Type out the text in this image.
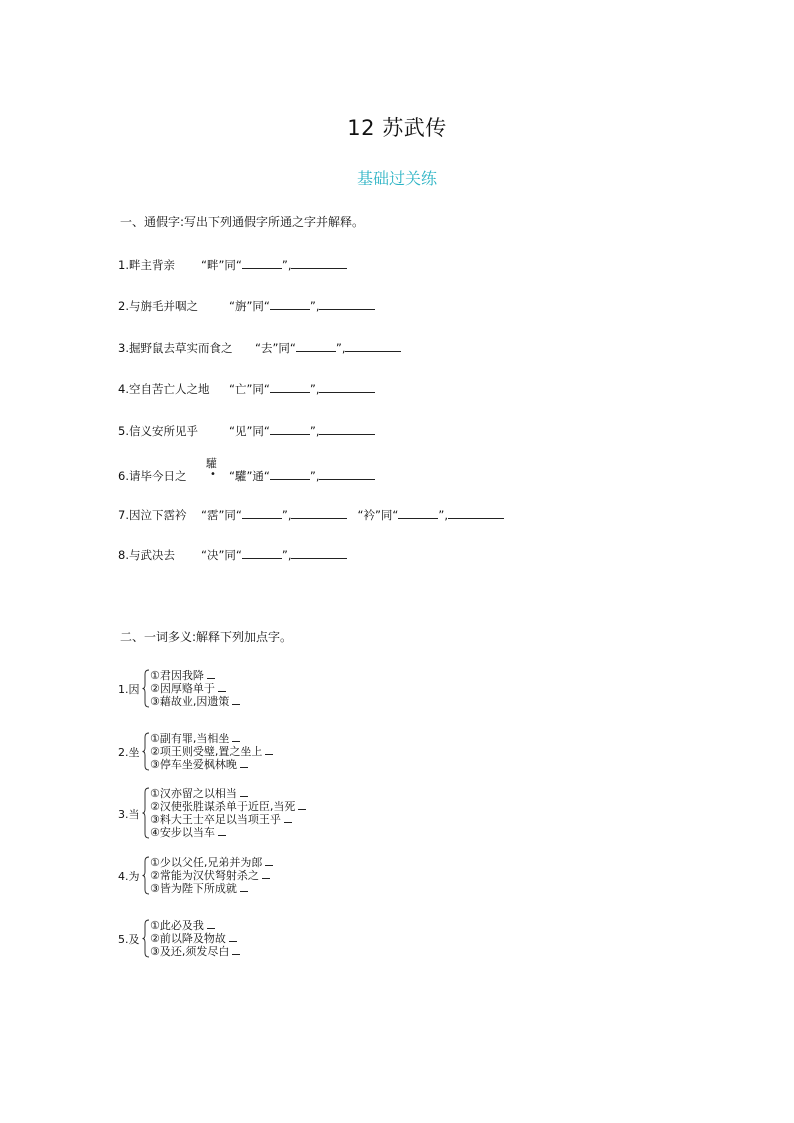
12 苏武传
基础过关练
一、通假字:写出下列通假字所通之字并解释。
1. 畔主背亲	“畔”同“	”,
2. 与旃毛并咽之	“旃”同“	”,
3. 掘野鼠去草实而食之	“去”同“	”,
4. 空自苦亡人之地	“亡”同“	”,
5. 信义安所见乎	“见”同“	”,
驩
•
6. 请毕今日之	“驩”通“	”,
7. 因泣下霑衿	“霑”同“	”,	“衿”同“	”,
8. 与武决去	“决”同“	”,
二、一词多义:解释下列加点字。
1.因
①君因我降
②因厚赂单于
③藉故业,因遗策
2.坐
①副有罪,当相坐
②项王则受璧,置之坐上
③停车坐爱枫林晚
3.当
①汉亦留之以相当
②汉使张胜谋杀单于近臣,当死
③料大王士卒足以当项王乎
④安步以当车
4.为
①少以父任,兄弟并为郎
②常能为汉伏弩射杀之
③皆为陛下所成就
5.及
①此必及我
②前以降及物故
③及还,须发尽白
